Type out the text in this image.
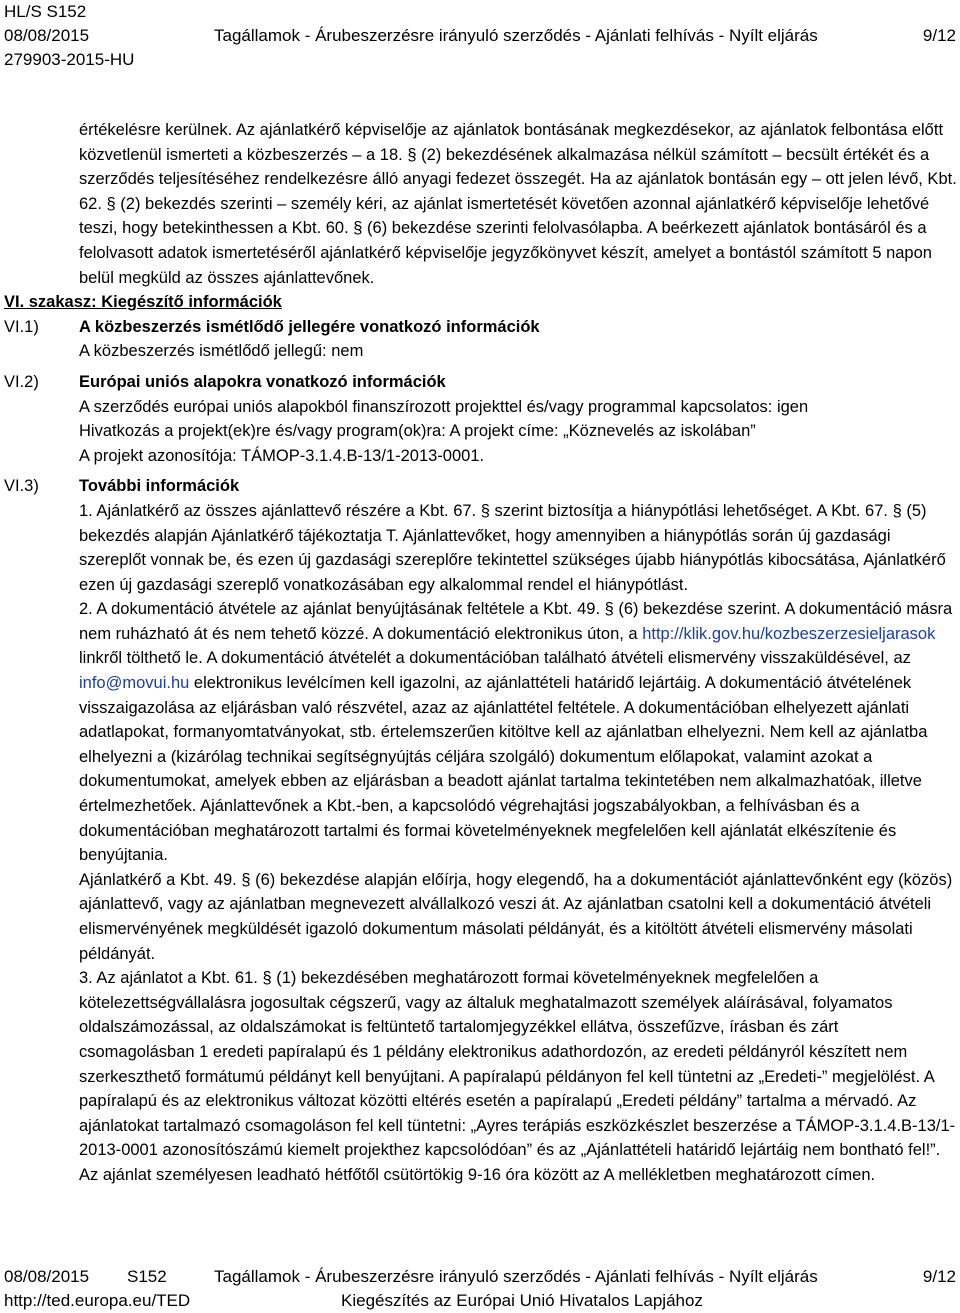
HL/S S152
08/08/2015	Tagállamok - Árubeszerzésre irányuló szerződés - Ajánlati felhívás - Nyílt eljárás	9/12
279903-2015-HU

értékelésre kerülnek. Az ajánlatkérő képviselője az ajánlatok bontásának megkezdésekor, az ajánlatok felbontása előtt közvetlenül ismerteti a közbeszerzés – a 18. § (2) bekezdésének alkalmazása nélkül számított – becsült értékét és a szerződés teljesítéséhez rendelkezésre álló anyagi fedezet összegét. Ha az ajánlatok bontásán egy – ott jelen lévő, Kbt. 62. § (2) bekezdés szerinti – személy kéri, az ajánlat ismertetését követően azonnal ajánlatkérő képviselője lehetővé teszi, hogy betekinthessen a Kbt. 60. § (6) bekezdése szerinti felolvasólapba. A beérkezett ajánlatok bontásáról és a felolvasott adatok ismertetéséről ajánlatkérő képviselője jegyzőkönyvet készít, amelyet a bontástól számított 5 napon belül megküld az összes ajánlattevőnek.

VI. szakasz: Kiegészítő információk
VI.1) A közbeszerzés ismétlődő jellegére vonatkozó információk

A közbeszerzés ismétlődő jellegű: nem

VI.2) Európai uniós alapokra vonatkozó információk

A szerződés európai uniós alapokból finanszírozott projekttel és/vagy programmal kapcsolatos: igen

Hivatkozás a projekt(ek)re és/vagy program(ok)ra: A projekt címe: „Köznevelés az iskolában”

A projekt azonosítója: TÁMOP-3.1.4.B-13/1-2013-0001.

VI.3) További információk

1. Ajánlatkérő az összes ajánlattevő részére a Kbt. 67. § szerint biztosítja a hiánypótlási lehetőséget. A Kbt. 67. § (5) bekezdés alapján Ajánlatkérő tájékoztatja T. Ajánlattevőket, hogy amennyiben a hiánypótlás során új gazdasági szereplőt vonnak be, és ezen új gazdasági szereplőre tekintettel szükséges újabb hiánypótlás kibocsátása, Ajánlatkérő ezen új gazdasági szereplő vonatkozásában egy alkalommal rendel el hiánypótlást.

2. A dokumentáció átvétele az ajánlat benyújtásának feltétele a Kbt. 49. § (6) bekezdése szerint. A dokumentáció másra nem ruházható át és nem tehető közzé. A dokumentáció elektronikus úton, a http://klik.gov.hu/kozbeszerzesieljarasok linkről tölthető le. A dokumentáció átvételét a dokumentációban található átvételi elismervény visszaküldésével, az info@movui.hu elektronikus levélcímen kell igazolni, az ajánlattételi határidő lejártáig. A dokumentáció átvételének visszaigazolása az eljárásban való részvétel, azaz az ajánlattétel feltétele. A dokumentációban elhelyezett ajánlati adatlapokat, formanyomtatványokat, stb. értelemszerűen kitöltve kell az ajánlatban elhelyezni. Nem kell az ajánlatba elhelyezni a (kizárólag technikai segítségnyújtás céljára szolgáló) dokumentum előlapokat, valamint azokat a dokumentumokat, amelyek ebben az eljárásban a beadott ajánlat tartalma tekintetében nem alkalmazhatóak, illetve értelmezhetőek. Ajánlattevőnek a Kbt.-ben, a kapcsolódó végrehajtási jogszabályokban, a felhívásban és a dokumentációban meghatározott tartalmi és formai követelményeknek megfelelően kell ajánlatát elkészítenie és benyújtania.

Ajánlatkérő a Kbt. 49. § (6) bekezdése alapján előírja, hogy elegendő, ha a dokumentációt ajánlattevőnként egy (közös) ajánlattevő, vagy az ajánlatban megnevezett alvállalkozó veszi át. Az ajánlatban csatolni kell a dokumentáció átvételi elismervényének megküldését igazoló dokumentum másolati példányát, és a kitöltött átvételi elismervény másolati példányát.

3. Az ajánlatot a Kbt. 61. § (1) bekezdésében meghatározott formai követelményeknek megfelelően a kötelezettségvállalásra jogosultak cégszerű, vagy az általuk meghatalmazott személyek aláírásával, folyamatos oldalszámozással, az oldalszámokat is feltüntető tartalomjegyzékkel ellátva, összefűzve, írásban és zárt csomagolásban 1 eredeti papíralapú és 1 példány elektronikus adathordozón, az eredeti példányról készített nem szerkeszthető formátumú példányt kell benyújtani. A papíralapú példányon fel kell tüntetni az „Eredeti-” megjelölést. A papíralapú és az elektronikus változat közötti eltérés esetén a papíralapú „Eredeti példány” tartalma a mérvadó. Az ajánlatokat tartalmazó csomagoláson fel kell tüntetni: „Ayres terápiás eszközkészlet beszerzése a TÁMOP-3.1.4.B-13/1-2013-0001 azonosítószámú kiemelt projekthez kapcsolódóan” és az „Ajánlattételi határidő lejártáig nem bontható fel!”. Az ajánlat személyesen leadható hétfőtől csütörtökig 9-16 óra között az A mellékletben meghatározott címen.

08/08/2015 S152	Tagállamok - Árubeszerzésre irányuló szerződés - Ajánlati felhívás - Nyílt eljárás	9/12
http://ted.europa.eu/TED	Kiegészítés az Európai Unió Hivatalos Lapjához
